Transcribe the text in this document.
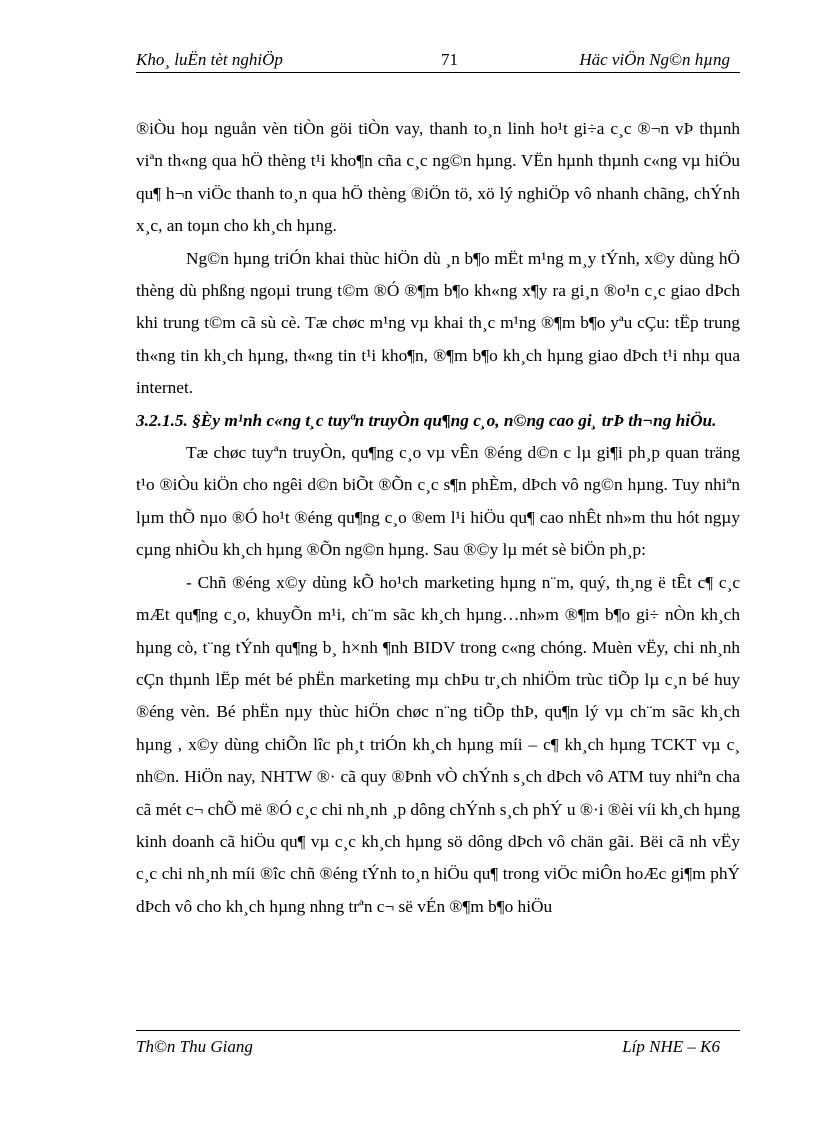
Kho¸ luËn tèt nghiÖp	71	Häc viÖn Ng©n hµng

®iÒu hoµ nguån vèn tiÒn göi tiÒn vay, thanh to¸n linh ho¹t gi÷a c¸c ®¬n vÞ thµnh viªn th«ng qua hÖ thèng t¹i kho¶n cña c¸c ng©n hµng. VËn hµnh thµnh c«ng vµ hiÖu qu¶ h¬n viÖc thanh to¸n qua hÖ thèng ®iÖn tö, xö lý nghiÖp vô nhanh chãng, chÝnh x¸c, an toµn cho kh¸ch hµng.

Ng©n hµng triÓn khai thùc hiÖn dù ¸n b¶o mËt m¹ng m¸y tÝnh, x©y dùng hÖ thèng dù phßng ngoµi trung t©m ®Ó ®¶m b¶o kh«ng x¶y ra gi¸n ®o¹n c¸c giao dÞch khi trung t©m cã sù cè. Tæ chøc m¹ng vµ khai th¸c m¹ng ®¶m b¶o yªu cÇu: tËp trung th«ng tin kh¸ch hµng, th«ng tin t¹i kho¶n, ®¶m b¶o kh¸ch hµng giao dÞch t¹i nhµ qua internet.

3.2.1.5. §Èy m¹nh c«ng t¸c tuyªn truyÒn qu¶ng c¸o, n©ng cao gi¸ trÞ th¬ng hiÖu.

Tæ chøc tuyªn truyÒn, qu¶ng c¸o vµ vÊn ®éng d©n c lµ gi¶i ph¸p quan träng t¹o ®iÒu kiÖn cho ngêi d©n biÕt ®Õn c¸c s¶n phÈm, dÞch vô ng©n hµng. Tuy nhiªn lµm thÕ nµo ®Ó ho¹t ®éng qu¶ng c¸o ®em l¹i hiÖu qu¶ cao nhÊt nh»m thu hót ngµy cµng nhiÒu kh¸ch hµng ®Õn ng©n hµng. Sau ®©y lµ mét sè biÖn ph¸p:

- Chñ ®éng x©y dùng kÕ ho¹ch marketing hµng n¨m, quý, th¸ng ë tÊt c¶ c¸c mÆt qu¶ng c¸o, khuyÕn m¹i, ch¨m sãc kh¸ch hµng…nh»m ®¶m b¶o gi÷ nÒn kh¸ch hµng cò, t¨ng tÝnh qu¶ng b¸ h×nh ¶nh BIDV trong c«ng chóng. Muèn vËy, chi nh¸nh cÇn thµnh lËp mét bé phËn marketing mµ chÞu tr¸ch nhiÖm trùc tiÕp lµ c¸n bé huy ®éng vèn. Bé phËn nµy thùc hiÖn chøc n¨ng tiÕp thÞ, qu¶n lý vµ ch¨m sãc kh¸ch hµng , x©y dùng chiÕn lîc ph¸t triÓn kh¸ch hµng míi – c¶ kh¸ch hµng TCKT vµ c¸ nh©n. HiÖn nay, NHTW ®· cã quy ®Þnh vÒ chÝnh s¸ch dÞch vô ATM tuy nhiªn cha cã mét c¬ chÕ më ®Ó c¸c chi nh¸nh ¸p dông chÝnh s¸ch phÝ u ®·i ®èi víi kh¸ch hµng kinh doanh cã hiÖu qu¶ vµ c¸c kh¸ch hµng sö dông dÞch vô chän gãi. Bëi cã nh vËy c¸c chi nh¸nh míi ®îc chñ ®éng tÝnh to¸n hiÖu qu¶ trong viÖc miÔn hoÆc gi¶m phÝ dÞch vô cho kh¸ch hµng nhng trªn c¬ së vÉn ®¶m b¶o hiÖu

Th©n Thu Giang	Líp NHE – K6
